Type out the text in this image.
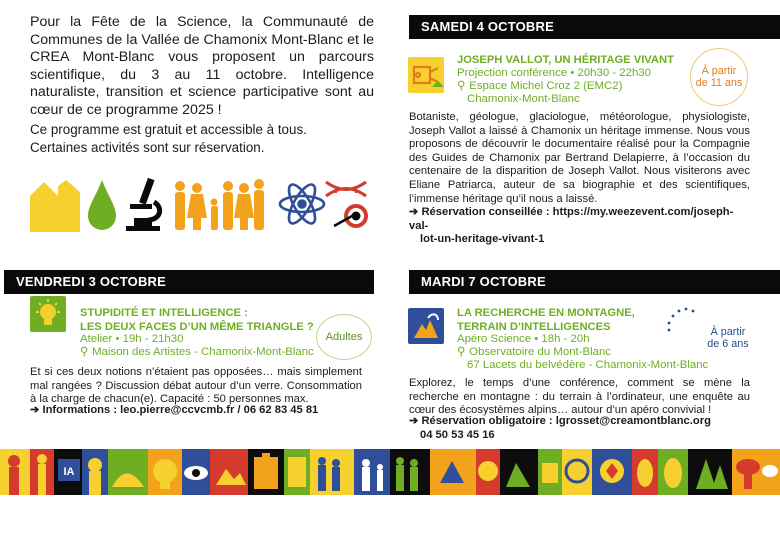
Pour la Fête de la Science, la Communauté de Communes de la Vallée de Chamonix Mont-Blanc et le CREA Mont-Blanc vous proposent un parcours scientifique, du 3 au 11 octobre. Intelligence naturaliste, transition et science participative sont au cœur de ce programme 2025 !

Ce programme est gratuit et accessible à tous.
Certaines activités sont sur réservation.
SAMEDI 4 OCTOBRE
JOSEPH VALLOT, UN HÉRITAGE VIVANT
Projection conférence • 20h30 - 22h30
⚲ Espace Michel Croz 2 (EMC2)
Chamonix-Mont-Blanc
À partir
de 11 ans

Botaniste, géologue, glaciologue, météorologue, physiologiste, Joseph Vallot a laissé à Chamonix un héritage immense. Nous vous proposons de découvrir le documentaire réalisé pour la Compagnie des Guides de Chamonix par Bertrand Delapierre, à l’occasion du centenaire de la disparition de Joseph Vallot. Nous visiterons avec Eliane Patriarca, auteur de sa biographie et des scientifiques, l’immense héritage qu’il nous a laissé.

➔ Réservation conseillée : https://my.weezevent.com/joseph-val-
lot-un-heritage-vivant-1
VENDREDI 3 OCTOBRE
STUPIDITÉ ET INTELLIGENCE :
LES DEUX FACES D’UN MÊME TRIANGLE ?
Atelier • 19h - 21h30
⚲ Maison des Artistes - Chamonix-Mont-Blanc
Adultes

Et si ces deux notions n’étaient pas opposées… mais simplement mal rangées ? Discussion débat autour d’un verre. Consommation à la charge de chacun(e). Capacité : 50 personnes max.

➔ Informations : leo.pierre@ccvcmb.fr / 06 62 83 45 81
MARDI 7 OCTOBRE
LA RECHERCHE EN MONTAGNE,
TERRAIN D’INTELLIGENCES
Apéro Science • 18h - 20h
⚲ Observatoire du Mont-Blanc
67 Lacets du belvédère - Chamonix-Mont-Blanc
À partir
de 6 ans

Explorez, le temps d’une conférence, comment se mène la recherche en montagne : du terrain à l’ordinateur, une enquête au cœur des écosystèmes alpins… autour d’un apéro convivial !

➔ Réservation obligatoire : lgrosset@creamontblanc.org
04 50 53 45 16
IA
